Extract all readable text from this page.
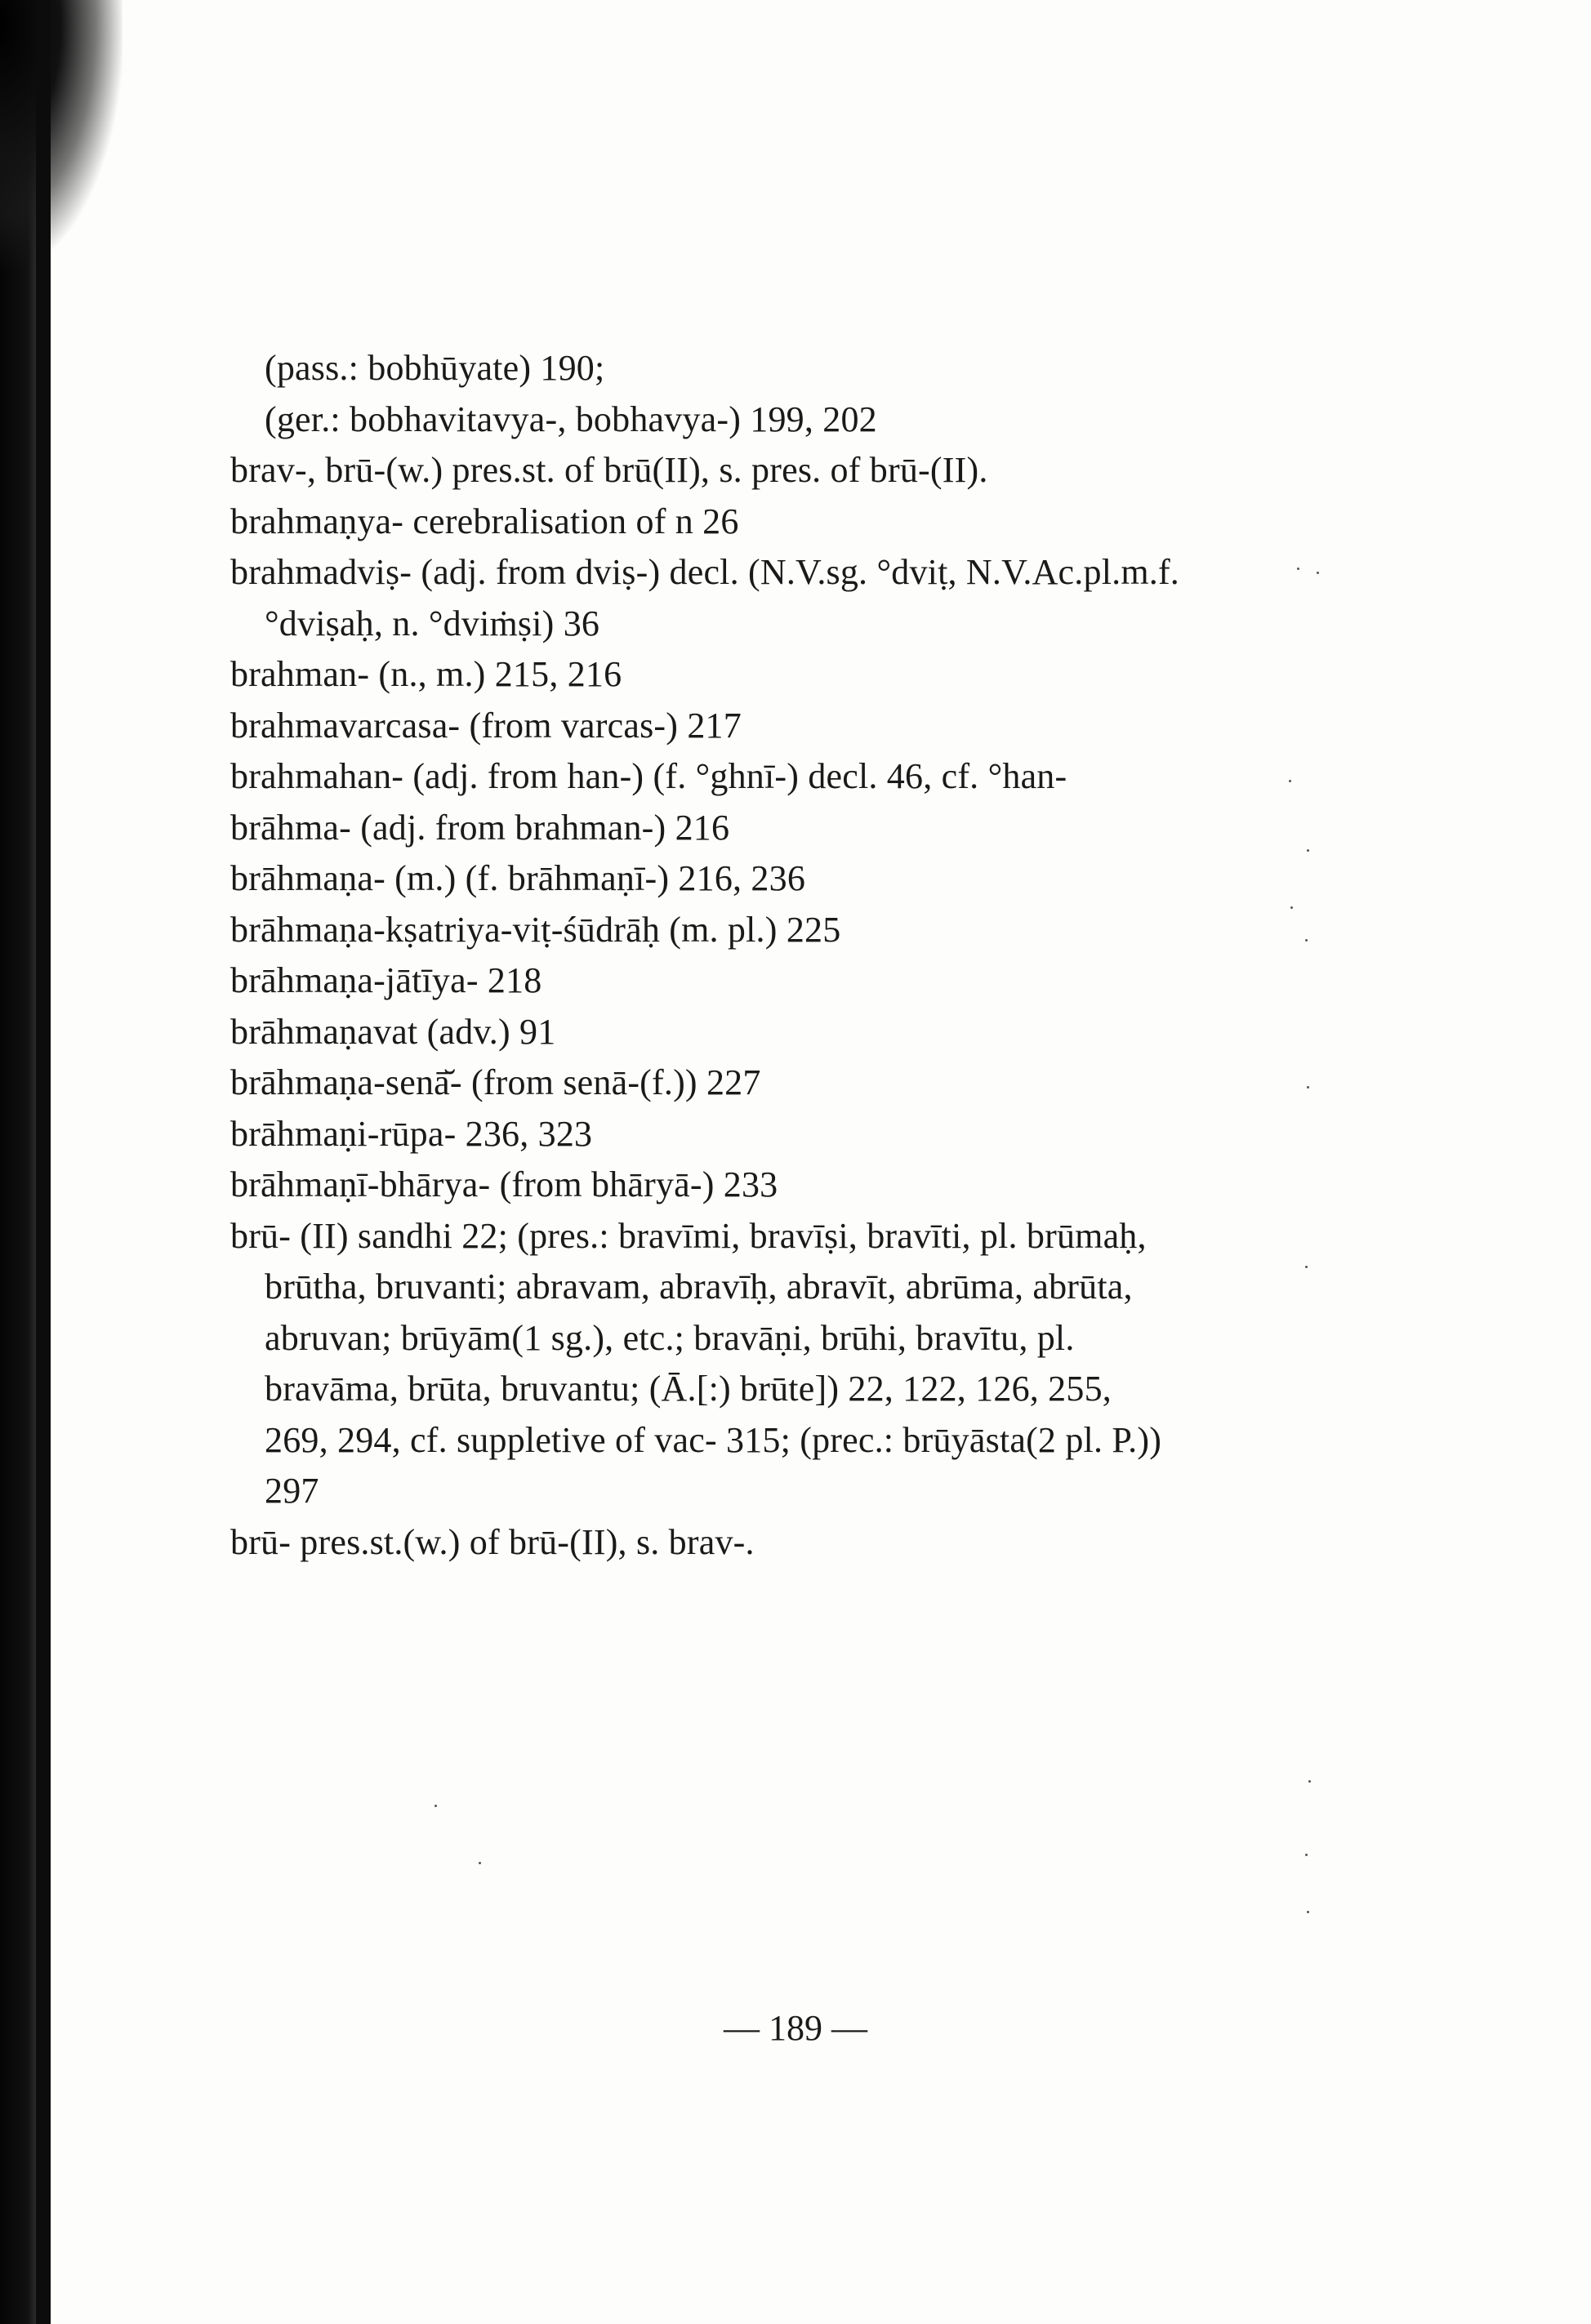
(pass.: bobhūyate) 190;
(ger.: bobhavitavya-, bobhavya-) 199, 202
brav-, brū-(w.) pres.st. of brū(II), s. pres. of brū-(II).
brahmaṇya- cerebralisation of n 26
brahmadviṣ- (adj. from dviṣ-) decl. (N.V.sg. °dviṭ, N.V.Ac.pl.m.f.
°dviṣaḥ, n. °dviṁṣi) 36
brahman- (n., m.) 215, 216
brahmavarcasa- (from varcas-) 217
brahmahan- (adj. from han-) (f. °ghnī-) decl. 46, cf. °han-
brāhma- (adj. from brahman-) 216
brāhmaṇa- (m.) (f. brāhmaṇī-) 216, 236
brāhmaṇa-kṣatriya-viṭ-śūdrāḥ (m. pl.) 225
brāhmaṇa-jātīya- 218
brāhmaṇavat (adv.) 91
brāhmaṇa-senā̆- (from senā-(f.)) 227
brāhmaṇi-rūpa- 236, 323
brāhmaṇī-bhārya- (from bhāryā-) 233
brū- (II) sandhi 22; (pres.: bravīmi, bravīṣi, bravīti, pl. brūmaḥ,
brūtha, bruvanti; abravam, abravīḥ, abravīt, abrūma, abrūta,
abruvan; brūyām(1 sg.), etc.; bravāṇi, brūhi, bravītu, pl.
bravāma, brūta, bruvantu; (Ā.[:) brūte]) 22, 122, 126, 255,
269, 294, cf. suppletive of vac- 315; (prec.: brūyāsta(2 pl. P.))
297
brū- pres.st.(w.) of brū-(II), s. brav-.
— 189 —
